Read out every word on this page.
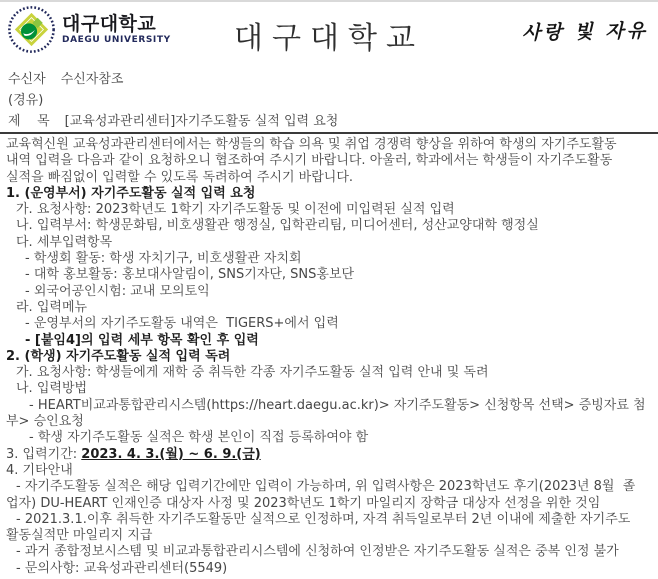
대구대학교
DAEGU UNIVERSITY 대구대학교	사랑 빛 자유
수신자 수신자참조
(경유)
제    목 [교육성과관리센터]자기주도활동 실적 입력 요청
교육혁신원 교육성과관리센터에서는 학생들의 학습 의욕 및 취업 경쟁력 향상을 위하여 학생의 자기주도활동
내역 입력을 다음과 같이 요청하오니 협조하여 주시기 바랍니다. 아울러, 학과에서는 학생들이 자기주도활동
실적을 빠짐없이 입력할 수 있도록 독려하여 주시기 바랍니다.
1. (운영부서) 자기주도활동 실적 입력 요청
가. 요청사항: 2023학년도 1학기 자기주도활동 및 이전에 미입력된 실적 입력
나. 입력부서: 학생문화팀, 비호생활관 행정실, 입학관리팀, 미디어센터, 성산교양대학 행정실
다. 세부입력항목
- 학생회 활동: 학생 자치기구, 비호생활관 자치회
- 대학 홍보활동: 홍보대사알림이, SNS기자단, SNS홍보단
- 외국어공인시험: 교내 모의토익
라. 입력메뉴
- 운영부서의 자기주도활동 내역은  TIGERS+에서 입력
- [붙임4]의 입력 세부 항목 확인 후 입력
2. (학생) 자기주도활동 실적 입력 독려
가. 요청사항: 학생들에게 재학 중 취득한 각종 자기주도활동 실적 입력 안내 및 독려
나. 입력방법
- HEART비교과통합관리시스템(https://heart.daegu.ac.kr)> 자기주도활동> 신청항목 선택> 증빙자료 첨
부> 승인요청
- 학생 자기주도활동 실적은 학생 본인이 직접 등록하여야 함
3. 입력기간: 2023. 4. 3.(월) ~ 6. 9.(금)
4. 기타안내
- 자기주도활동 실적은 해당 입력기간에만 입력이 가능하며, 위 입력사항은 2023학년도 후기(2023년 8월  졸
업자) DU-HEART 인재인증 대상자 사정 및 2023학년도 1학기 마일리지 장학금 대상자 선정을 위한 것임
- 2021.3.1.이후 취득한 자기주도활동만 실적으로 인정하며, 자격 취득일로부터 2년 이내에 제출한 자기주도
활동실적만 마일리지 지급
- 과거 종합정보시스템 및 비교과통합관리시스템에 신청하여 인정받은 자기주도활동 실적은 중복 인정 불가
- 문의사항: 교육성과관리센터(5549)
